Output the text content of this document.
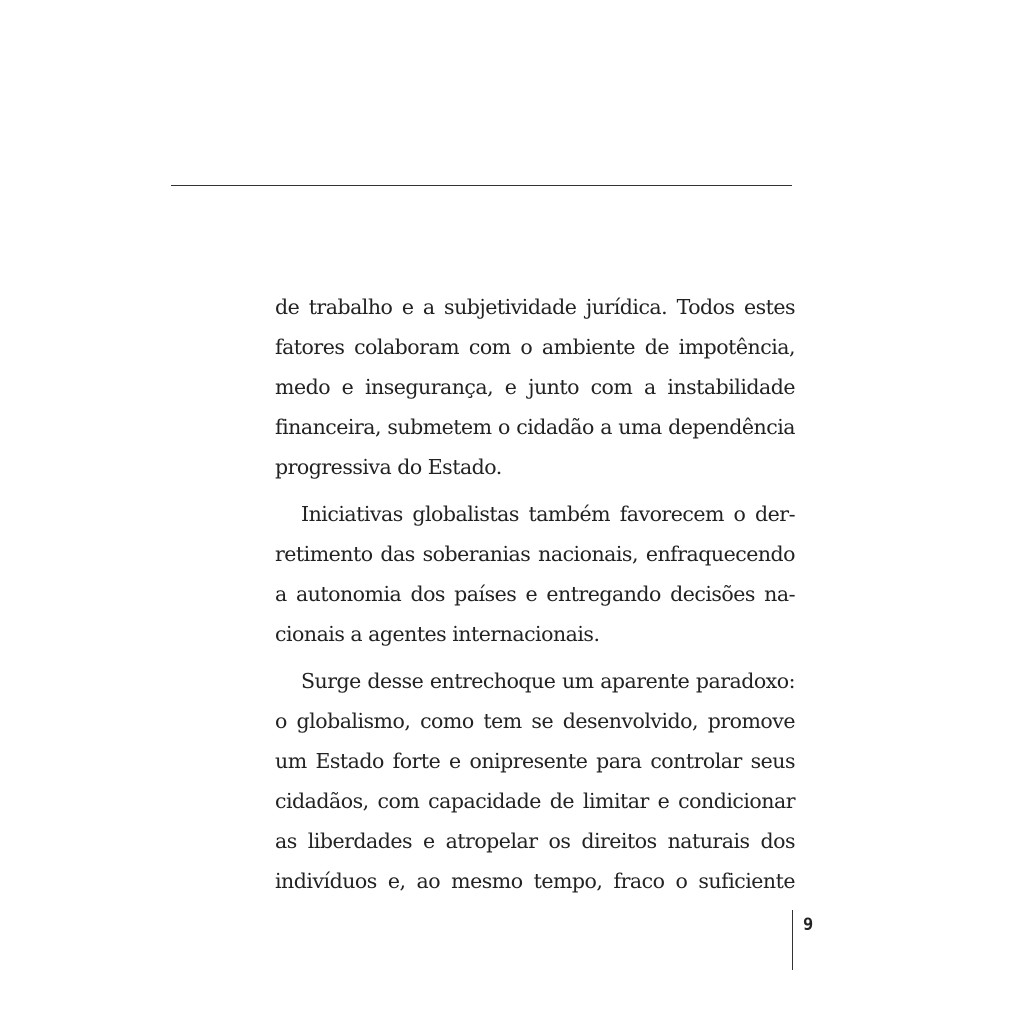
de trabalho e a subjetividade jurídica. Todos estes
fatores colaboram com o ambiente de impotência,
medo e insegurança, e junto com a instabilidade
financeira, submetem o cidadão a uma dependência
progressiva do Estado.

Iniciativas globalistas também favorecem o der-
retimento das soberanias nacionais, enfraquecendo
a autonomia dos países e entregando decisões na-
cionais a agentes internacionais.

Surge desse entrechoque um aparente paradoxo:
o globalismo, como tem se desenvolvido, promove
um Estado forte e onipresente para controlar seus
cidadãos, com capacidade de limitar e condicionar
as liberdades e atropelar os direitos naturais dos
indivíduos e, ao mesmo tempo, fraco o suficiente

9
